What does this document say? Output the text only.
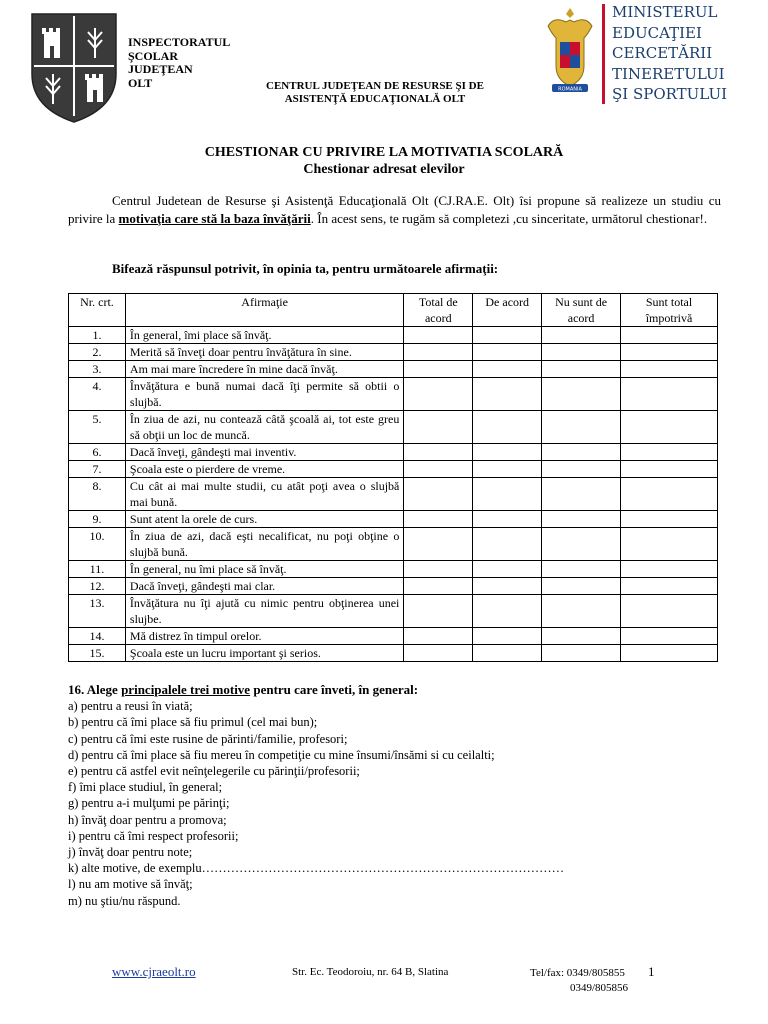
INSPECTORATUL
ŞCOLAR
JUDEŢEAN
OLT	CENTRUL JUDEŢEAN DE RESURSE ŞI DE
ASISTENŢĂ EDUCAŢIONALĂ OLT
ROMANIA
MINISTERUL
EDUCAŢIEI
CERCETĂRII
TINERETULUI
ŞI SPORTULUI
CHESTIONAR CU PRIVIRE LA MOTIVATIA SCOLARĂ
Chestionar adresat elevilor
Centrul Judetean de Resurse şi Asistenţă Educaţională Olt (CJ.RA.E. Olt) îsi propune să realizeze un studiu cu privire la motivaţia care stă la baza învăţării. În acest sens, te rugăm să completezi ,cu sinceritate, următorul chestionar!.
Bifează răspunsul potrivit, în opinia ta, pentru următoarele afirmaţii:
Nr. crt.	Afirmaţie	Total de acord	De acord	Nu sunt de acord	Sunt total împotrivă
1.	În general, îmi place să învăţ.				
2.	Merită să înveţi doar pentru învăţătura în sine.				
3.	Am mai mare încredere în mine dacă învăţ.				
4.	Învăţătura e bună numai dacă îţi permite să obtii o slujbă.				
5.	În ziua de azi, nu contează câtă şcoală ai, tot este greu să obţii un loc de muncă.				
6.	Dacă înveţi, gândeşti mai inventiv.				
7.	Şcoala este o pierdere de vreme.				
8.	Cu cât ai mai multe studii, cu atât poţi avea o slujbă mai bună.				
9.	Sunt atent la orele de curs.				
10.	În ziua de azi, dacă eşti necalificat, nu poţi obţine o slujbă bună.				
11.	În general, nu îmi place să învăţ.				
12.	Dacă înveţi, gândeşti mai clar.				
13.	Învăţătura nu îţi ajută cu nimic pentru obţinerea unei slujbe.				
14.	Mă distrez în timpul orelor.				
15.	Şcoala este un lucru important şi serios.				
16. Alege principalele trei motive pentru care înveti, în general:
a) pentru a reusi în viată;
b) pentru că îmi place să fiu primul (cel mai bun);
c) pentru că îmi este rusine de părinti/familie, profesori;
d) pentru că îmi place să fiu mereu în competiţie cu mine însumi/însămi si cu ceilalti;
e) pentru că astfel evit neînţelegerile cu părinţii/profesorii;
f) îmi place studiul, în general;
g) pentru a-i mulţumi pe părinţi;
h) învăţ doar pentru a promova;
i) pentru că îmi respect profesorii;
j) învăţ doar pentru note;
k) alte motive, de exemplu……………………………………………………………………………
l) nu am motive să învăţ;
m) nu ştiu/nu răspund.
www.cjraeolt.ro	Str. Ec. Teodoroiu, nr. 64 B, Slatina	Tel/fax: 0349/805855
0349/805856
1
